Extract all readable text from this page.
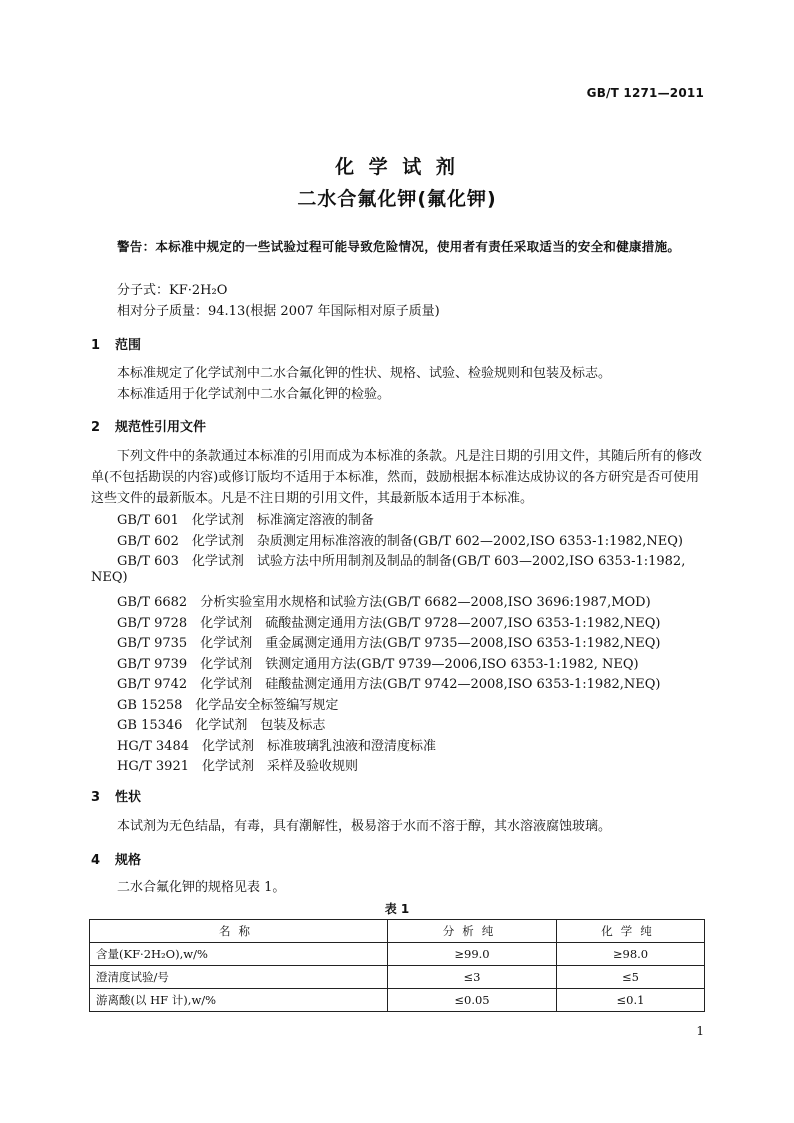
GB/T 1271—2011
化 学 试 剂
二水合氟化钾(氟化钾)
警告：本标准中规定的一些试验过程可能导致危险情况，使用者有责任采取适当的安全和健康措施。
分子式：KF·2H₂O
相对分子质量：94.13(根据 2007 年国际相对原子质量)
1 范围
本标准规定了化学试剂中二水合氟化钾的性状、规格、试验、检验规则和包装及标志。
本标准适用于化学试剂中二水合氟化钾的检验。
2 规范性引用文件
下列文件中的条款通过本标准的引用而成为本标准的条款。凡是注日期的引用文件，其随后所有的修改单(不包括勘误的内容)或修订版均不适用于本标准，然而，鼓励根据本标准达成协议的各方研究是否可使用这些文件的最新版本。凡是不注日期的引用文件，其最新版本适用于本标准。
GB/T 601　化学试剂　标准滴定溶液的制备
GB/T 602　化学试剂　杂质测定用标准溶液的制备(GB/T 602—2002,ISO 6353-1:1982,NEQ)
GB/T 603　化学试剂　试验方法中所用制剂及制品的制备(GB/T 603—2002,ISO 6353-1:1982,
NEQ)
GB/T 6682　分析实验室用水规格和试验方法(GB/T 6682—2008,ISO 3696:1987,MOD)
GB/T 9728　化学试剂　硫酸盐测定通用方法(GB/T 9728—2007,ISO 6353-1:1982,NEQ)
GB/T 9735　化学试剂　重金属测定通用方法(GB/T 9735—2008,ISO 6353-1:1982,NEQ)
GB/T 9739　化学试剂　铁测定通用方法(GB/T 9739—2006,ISO 6353-1:1982, NEQ)
GB/T 9742　化学试剂　硅酸盐测定通用方法(GB/T 9742—2008,ISO 6353-1:1982,NEQ)
GB 15258　化学品安全标签编写规定
GB 15346　化学试剂　包装及标志
HG/T 3484　化学试剂　标准玻璃乳浊液和澄清度标准
HG/T 3921　化学试剂　采样及验收规则
3 性状
本试剂为无色结晶，有毒，具有潮解性，极易溶于水而不溶于醇，其水溶液腐蚀玻璃。
4 规格
二水合氟化钾的规格见表 1。
表 1
名称	分析纯	化学纯
含量(KF·2H₂O),w/%	≥99.0	≥98.0
澄清度试验/号	≤3	≤5
游离酸(以 HF 计),w/%	≤0.05	≤0.1
1
